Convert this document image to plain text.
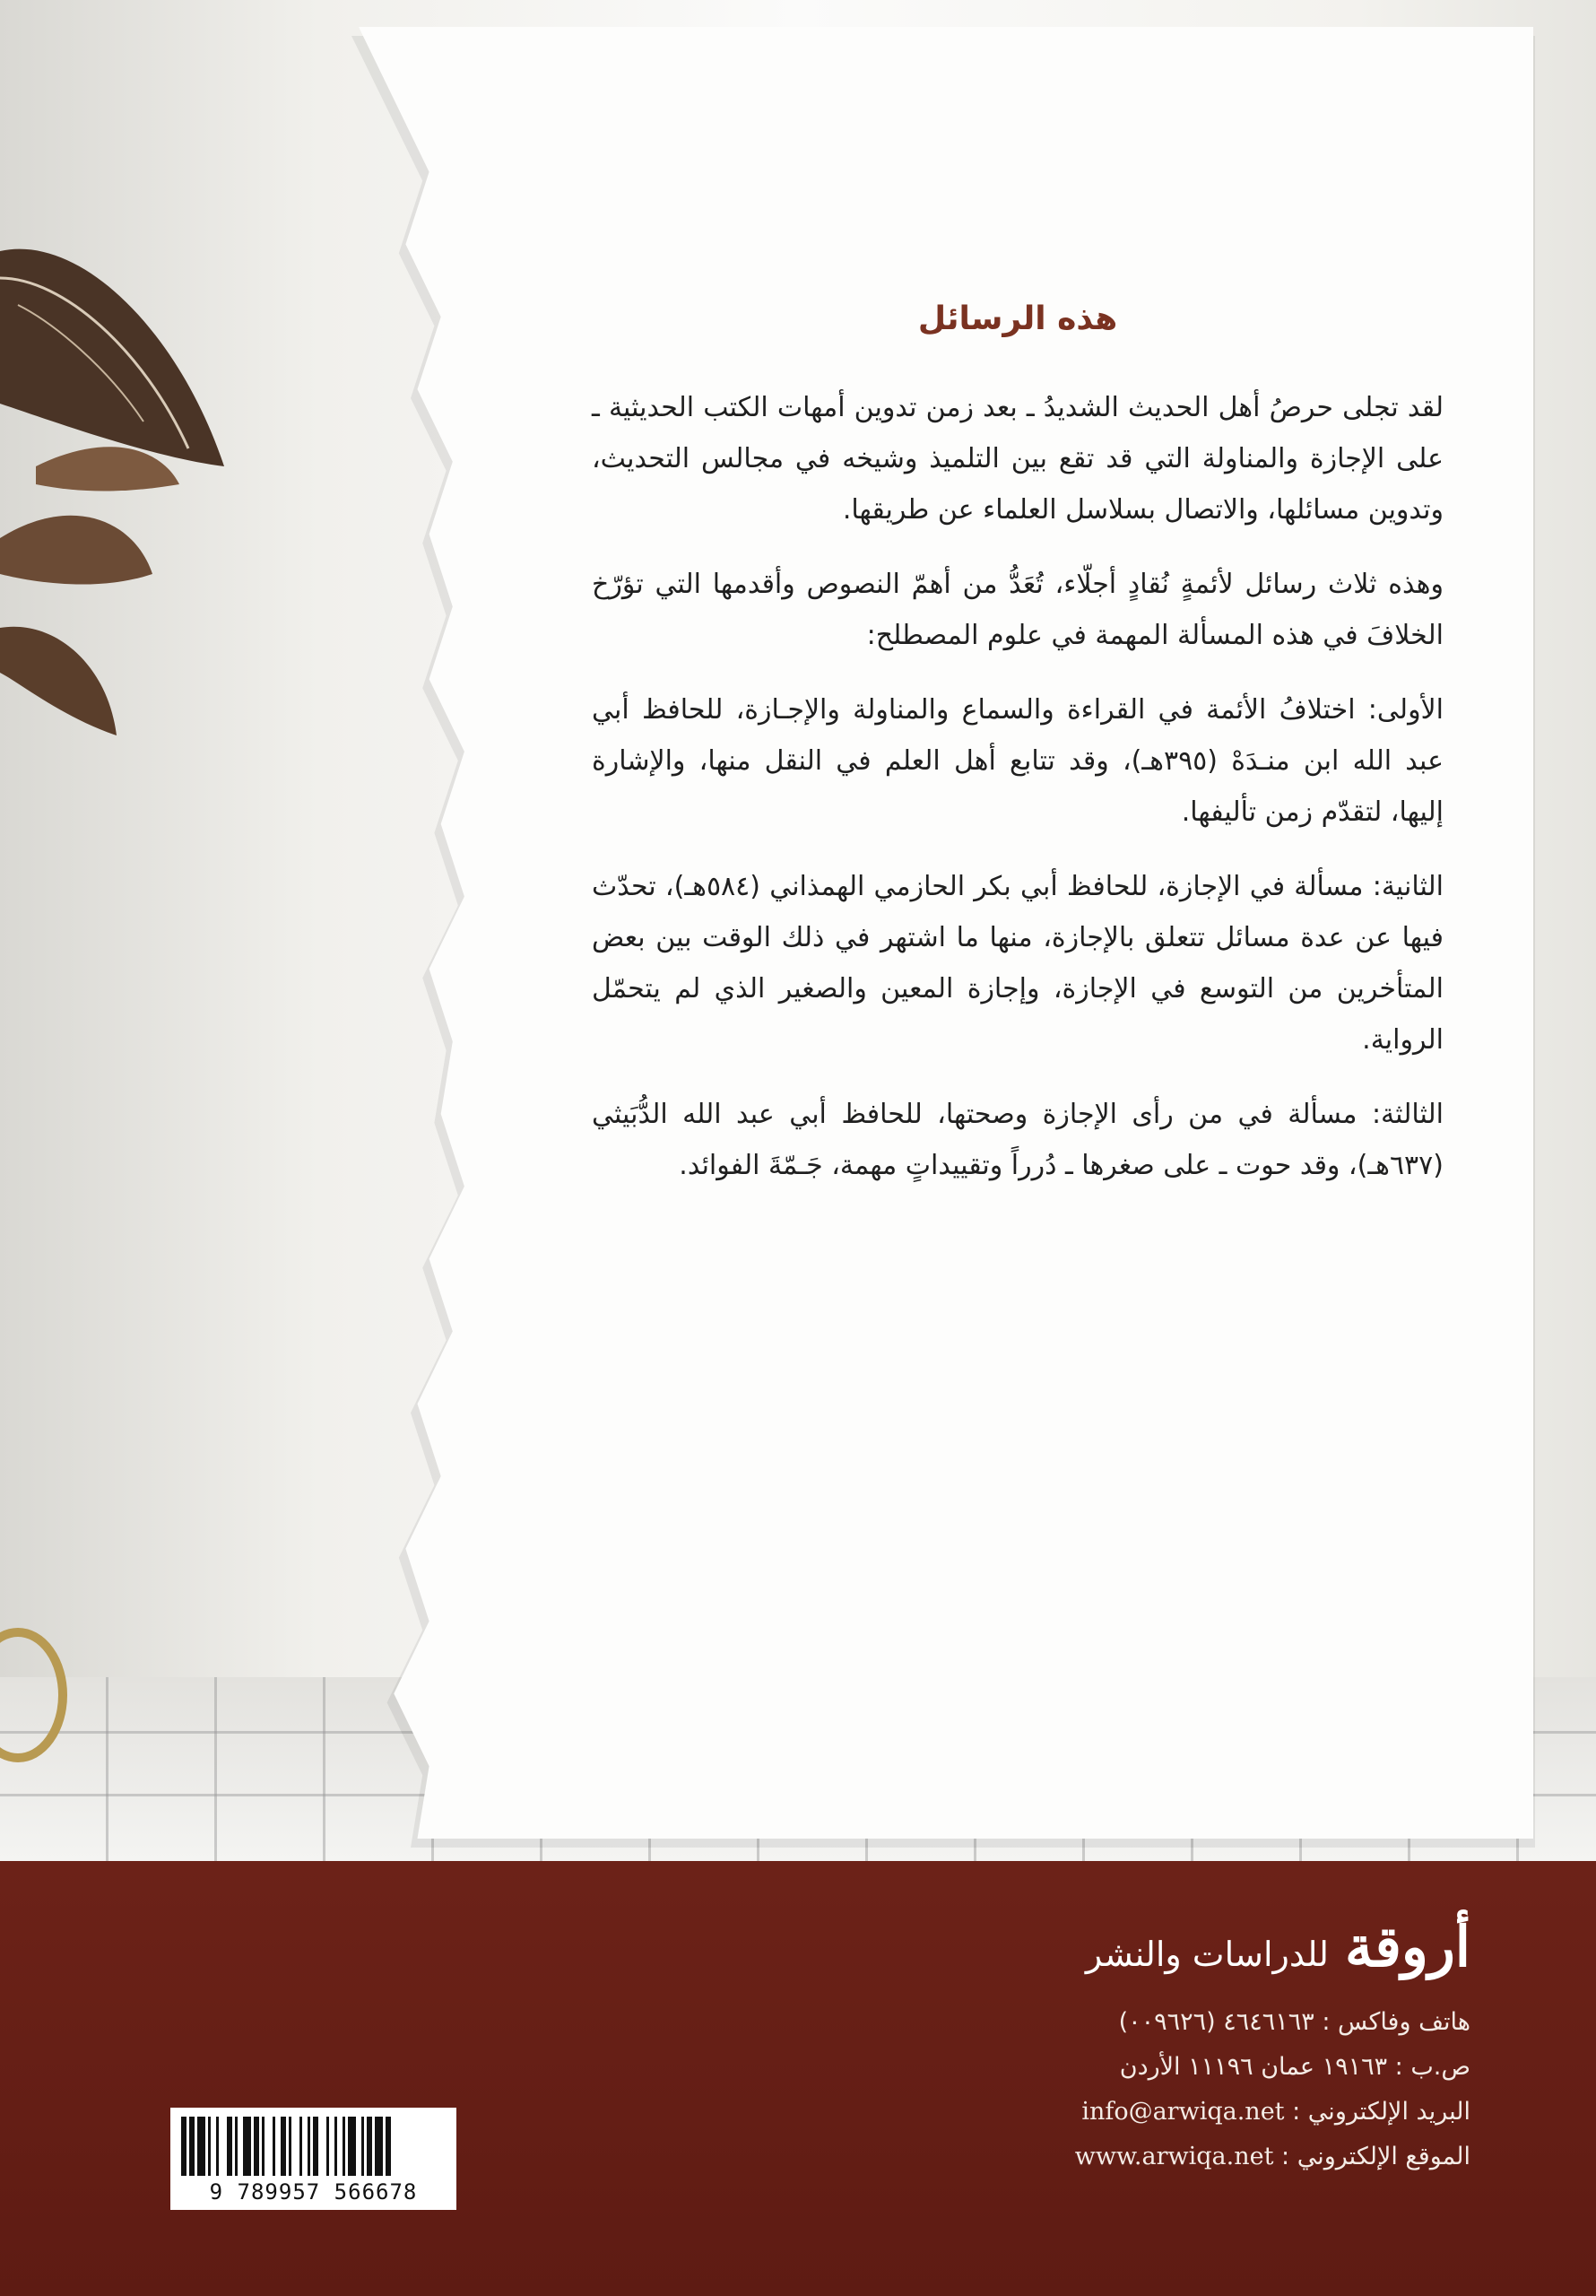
هذه الرسائل

لقد تجلى حرصُ أهل الحديث الشديدُ ـ بعد زمن تدوين أمهات الكتب الحديثية ـ على الإجازة والمناولة التي قد تقع بين التلميذ وشيخه في مجالس التحديث، وتدوين مسائلها، والاتصال بسلاسل العلماء عن طريقها.

وهذه ثلاث رسائل لأئمةٍ نُقادٍ أجلّاء، تُعَدُّ من أهمّ النصوص وأقدمها التي تؤرّخ الخلافَ في هذه المسألة المهمة في علوم المصطلح:

الأولى: اختلافُ الأئمة في القراءة والسماع والمناولة والإجـازة، للحافظ أبي عبد الله ابن منـدَهْ (٣٩٥هـ)، وقد تتابع أهل العلم في النقل منها، والإشارة إليها، لتقدّم زمن تأليفها.

الثانية: مسألة في الإجازة، للحافظ أبي بكر الحازمي الهمذاني (٥٨٤هـ)، تحدّث فيها عن عدة مسائل تتعلق بالإجازة، منها ما اشتهر في ذلك الوقت بين بعض المتأخرين من التوسع في الإجازة، وإجازة المعين والصغير الذي لم يتحمّل الرواية.

الثالثة: مسألة في من رأى الإجازة وصحتها، للحافظ أبي عبد الله الدُّبَيثي (٦٣٧هـ)، وقد حوت ـ على صغرها ـ دُرراً وتقييداتٍ مهمة، جَـمّةَ الفوائد.

أروقة
للدراسات والنشر
هاتف وفاكس : ٤٦٤٦١٦٣ (٠٠٩٦٢٦)
ص.ب : ١٩١٦٣ عمان ١١١٩٦ الأردن
البريد الإلكتروني : info@arwiqa.net
الموقع الإلكتروني : www.arwiqa.net
9 789957 566678
